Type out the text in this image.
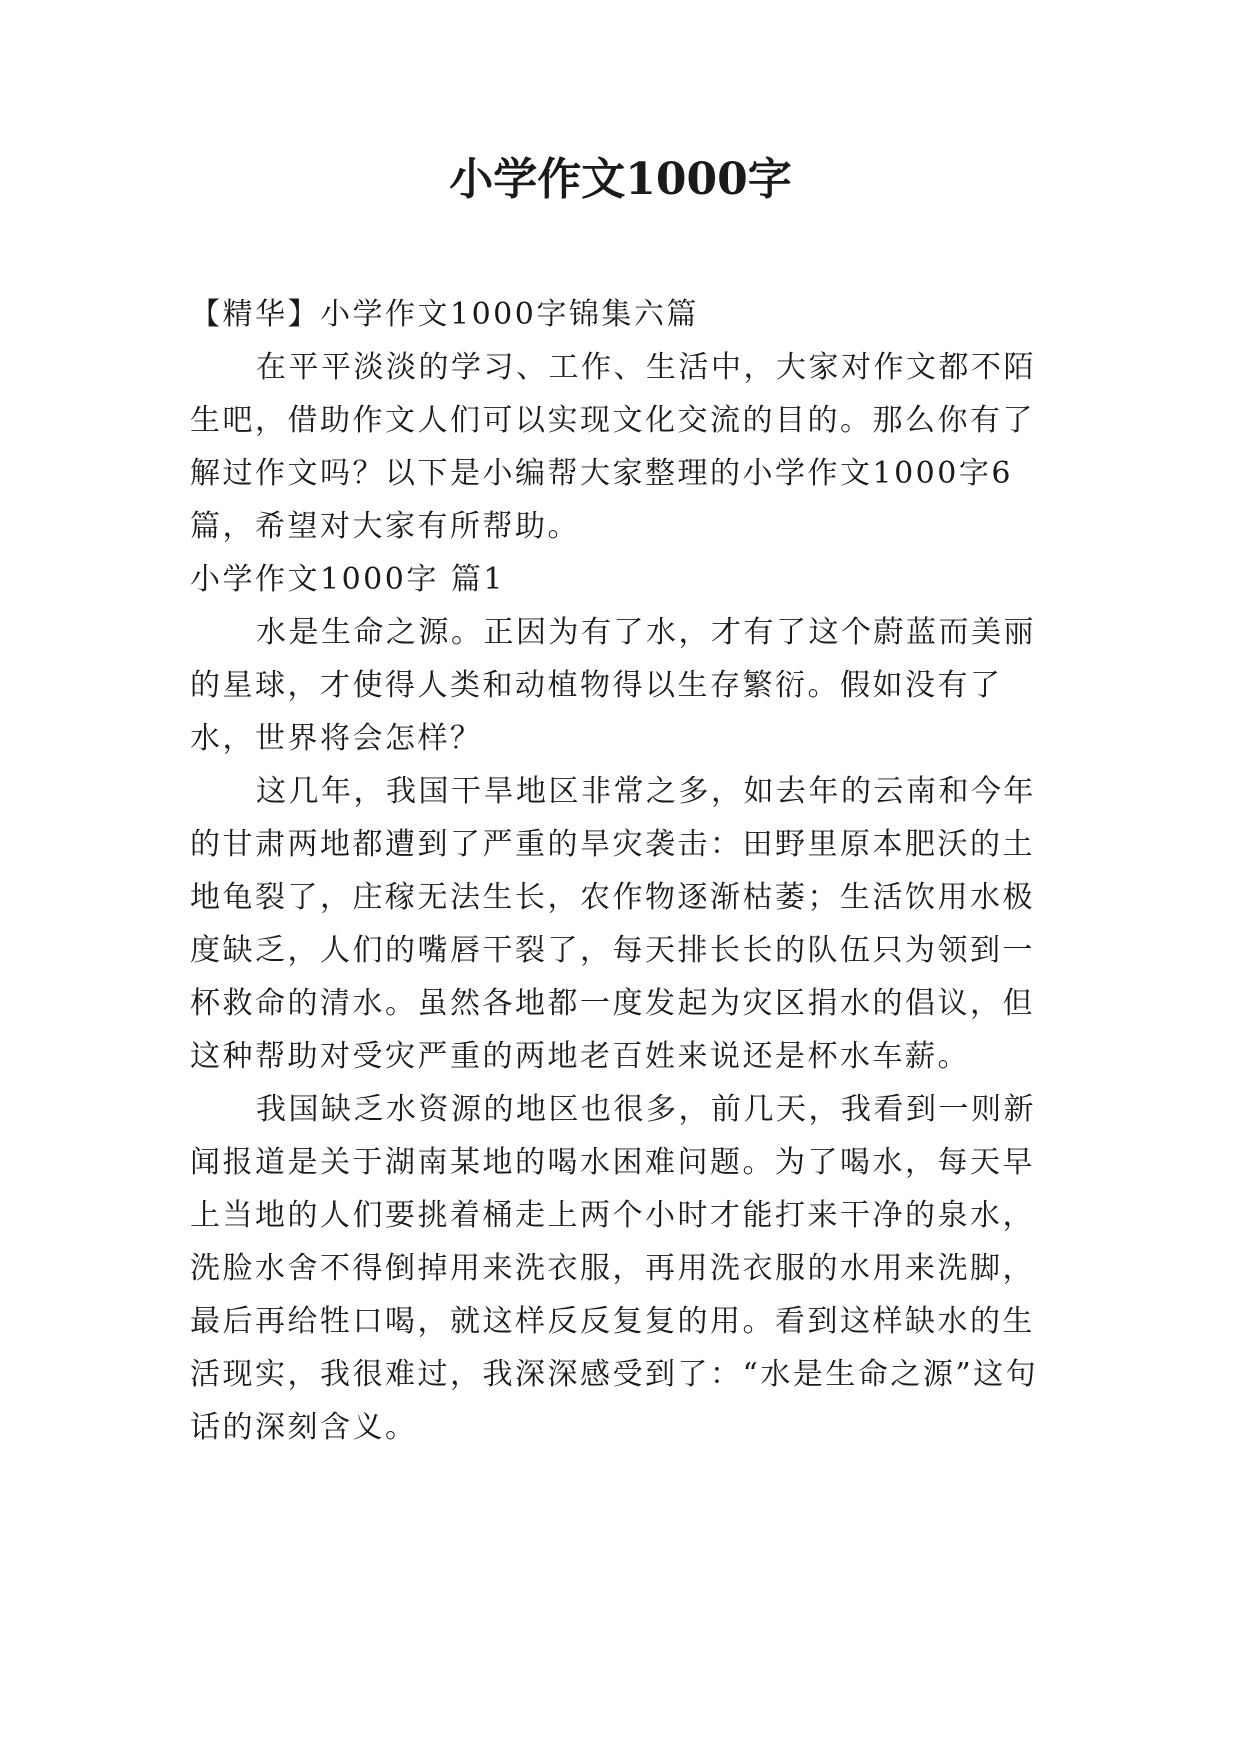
小学作文1000字

【精华】小学作文1000字锦集六篇

在平平淡淡的学习、工作、生活中，大家对作文都不陌生吧，借助作文人们可以实现文化交流的目的。那么你有了解过作文吗？以下是小编帮大家整理的小学作文1000字6篇，希望对大家有所帮助。

小学作文1000字 篇1

水是生命之源。正因为有了水，才有了这个蔚蓝而美丽的星球，才使得人类和动植物得以生存繁衍。假如没有了水，世界将会怎样？

这几年，我国干旱地区非常之多，如去年的云南和今年的甘肃两地都遭到了严重的旱灾袭击：田野里原本肥沃的土地龟裂了，庄稼无法生长，农作物逐渐枯萎；生活饮用水极度缺乏，人们的嘴唇干裂了，每天排长长的队伍只为领到一杯救命的清水。虽然各地都一度发起为灾区捐水的倡议，但这种帮助对受灾严重的两地老百姓来说还是杯水车薪。

我国缺乏水资源的地区也很多，前几天，我看到一则新闻报道是关于湖南某地的喝水困难问题。为了喝水，每天早上当地的人们要挑着桶走上两个小时才能打来干净的泉水，洗脸水舍不得倒掉用来洗衣服，再用洗衣服的水用来洗脚，最后再给牲口喝，就这样反反复复的用。看到这样缺水的生活现实，我很难过，我深深感受到了：“水是生命之源”这句话的深刻含义。
